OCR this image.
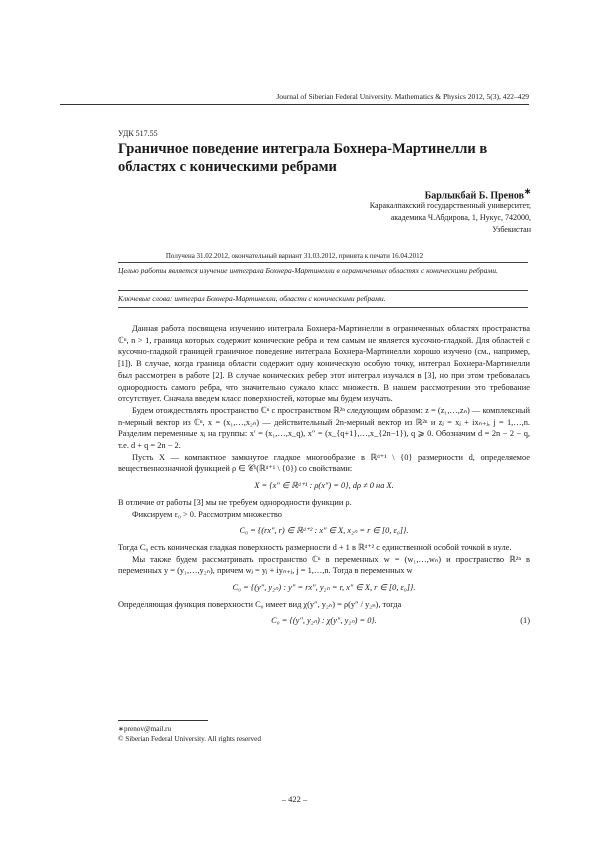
Journal of Siberian Federal University. Mathematics & Physics 2012, 5(3), 422–429
УДК 517.55
Граничное поведение интеграла Бохнера-Мартинелли в областях с коническими ребрами
Барлыкбай Б. Пренов∗
Каракалпакский государственный университет,
академика Ч.Абдирова, 1, Нукус, 742000,
Узбекистан
Получена 31.02.2012, окончательный вариант 31.03.2012, принята к печати 16.04.2012
Целью работы является изучение интеграла Бохнера-Мартинелли в ограниченных областях с коническими ребрами.
Ключевые слова: интеграл Бохнера-Мартинелли, области с коническими ребрами.

Данная работа посвящена изучению интеграла Бохнера-Мартинелли в ограниченных областях пространства ℂⁿ, n > 1, граница которых содержит конические ребра и тем самым не является кусочно-гладкой. Для областей с кусочно-гладкой границей граничное поведение интеграла Бохнера-Мартинелли хорошо изучено (см., например, [1]). В случае, когда граница области содержит одну коническую особую точку, интеграл Бохнера-Мартинелли был рассмотрен в работе [2]. В случае конических ребер этот интеграл изучался в [3], но при этом требовалась однородность самого ребра, что значительно сужало класс множеств. В нашем рассмотрении это требование отсутствует. Сначала введем класс поверхностей, которые мы будем изучать.

Будем отождествлять пространство ℂⁿ с пространством ℝ²ⁿ следующим образом: z = (z₁,…,zₙ) — комплексный n-мерный вектор из ℂⁿ, x = (x₁,…,x₂ₙ) — действительный 2n-мерный вектор из ℝ²ⁿ и zⱼ = xⱼ + ixₙ₊ⱼ, j = 1,…,n. Разделим переменные xⱼ на группы: x′ = (x₁,…,x_q), x″ = (x_{q+1},…,x_{2n−1}), q ⩾ 0. Обозначим d = 2n − 2 − q, т.е. d + q = 2n − 2.

Пусть X — компактное замкнутое гладкое многообразие в ℝᵈ⁺¹ \ {0} размерности d, определяемое вещественнозначной функцией ρ ∈ 𝒞¹(ℝᵈ⁺¹ \ {0}) со свойствами:

X = {x″ ∈ ℝᵈ⁺¹ : ρ(x″) = 0}, dρ ≠ 0 на X.

В отличие от работы [3] мы не требуем однородности функции ρ.

Фиксируем ε₀ > 0. Рассмотрим множество

C₀ = {(rx″, r) ∈ ℝᵈ⁺² : x″ ∈ X, x₂ₙ = r ∈ [0, ε₀]}.

Тогда C₀ есть коническая гладкая поверхность размерности d + 1 в ℝᵈ⁺² с единственной особой точкой в нуле.

Мы также будем рассматривать пространство ℂⁿ в переменных w = (w₁,…,wₙ) и пространство ℝ²ⁿ в переменных y = (y₁,…,y₂ₙ), причем wⱼ = yⱼ + iyₙ₊ⱼ, j = 1,…,n. Тогда в переменных w

C₀ = {(y″, y₂ₙ) : y″ = rx″, y₂ₙ = r, x″ ∈ X, r ∈ [0, ε₀]}.

Определяющая функция поверхности C₀ имеет вид χ(y″, y₂ₙ) = ρ(y″ / y₂ₙ), тогда

C₀ = {(y″, y₂ₙ) : χ(y″, y₂ₙ) = 0}.	(1)
∗prenov@mail.ru
© Siberian Federal University. All rights reserved
– 422 –
